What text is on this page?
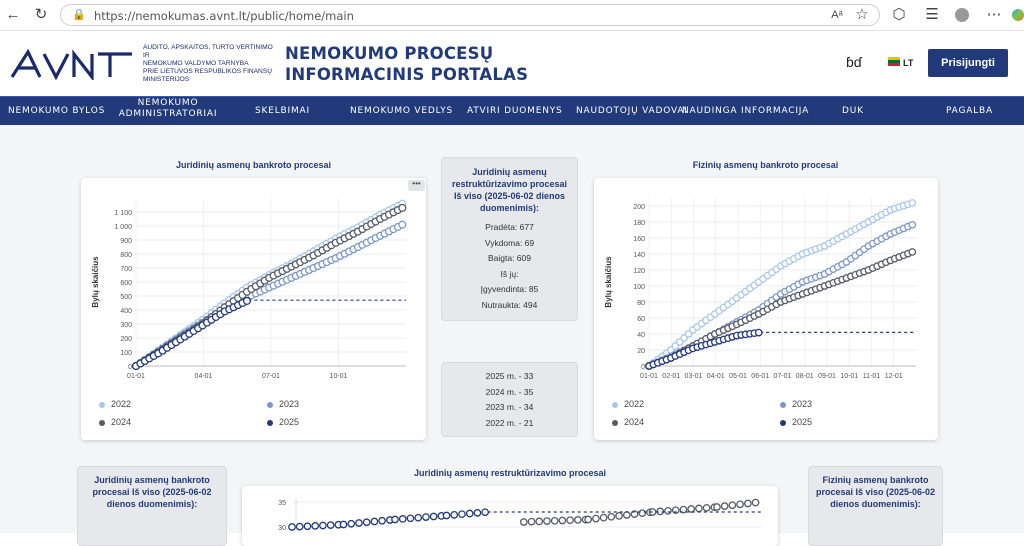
← ↻ 🔒 https://nemokumas.avnt.lt/public/home/main	Aᵃ ☆ ⬡ ☰	⋯
AUDITO, APSKAITOS, TURTO VERTINIMO IR
NEMOKUMO VALDYMO TARNYBA
PRIE LIETUVOS RESPUBLIKOS FINANSŲ
MINISTERIJOS
NEMOKUMO PROCESŲ
INFORMACINIS PORTALAS
ɓɗ	LT	Prisijungti
NEMOKUMO BYLOS
NEMOKUMO ADMINISTRATORIAI	SKELBIMAI	NEMOKUMO VEDLYS ATVIRI DUOMENYS NAUDOTOJŲ VADOVAI
NAUDINGA INFORMACIJA	DUK	PAGALBA
Juridinių asmenų bankroto procesai
0
100
200
300
400
500
600
700
800
900
1 000
1 100
01-01	04-01	07-01	10-01
Bylų skaičius
•••
2022	2023
2024	2025
Juridinių asmenų restruktūrizavimo procesai Iš viso (2025-06-02 dienos duomenimis):
Pradėta: 677
Vykdoma: 69
Baigta: 609
Iš jų:
Įgyvendinta: 85
Nutraukta: 494
2025 m. - 33
2024 m. - 35
2023 m. - 34
2022 m. - 21
Fizinių asmenų bankroto procesai
0
20
40
60
80
100
120
140
160
180
200
01-01 02-01 03-01 04-01 05-01 06-01 07-01 08-01 09-01 10-01 11-01 12-01
Bylų skaičius
2022	2023
2024	2025
Juridinių asmenų bankroto procesai Iš viso (2025-06-02 dienos duomenimis):
Juridinių asmenų restruktūrizavimo procesai
35
30
Fizinių asmenų bankroto procesai Iš viso (2025-06-02 dienos duomenimis):
